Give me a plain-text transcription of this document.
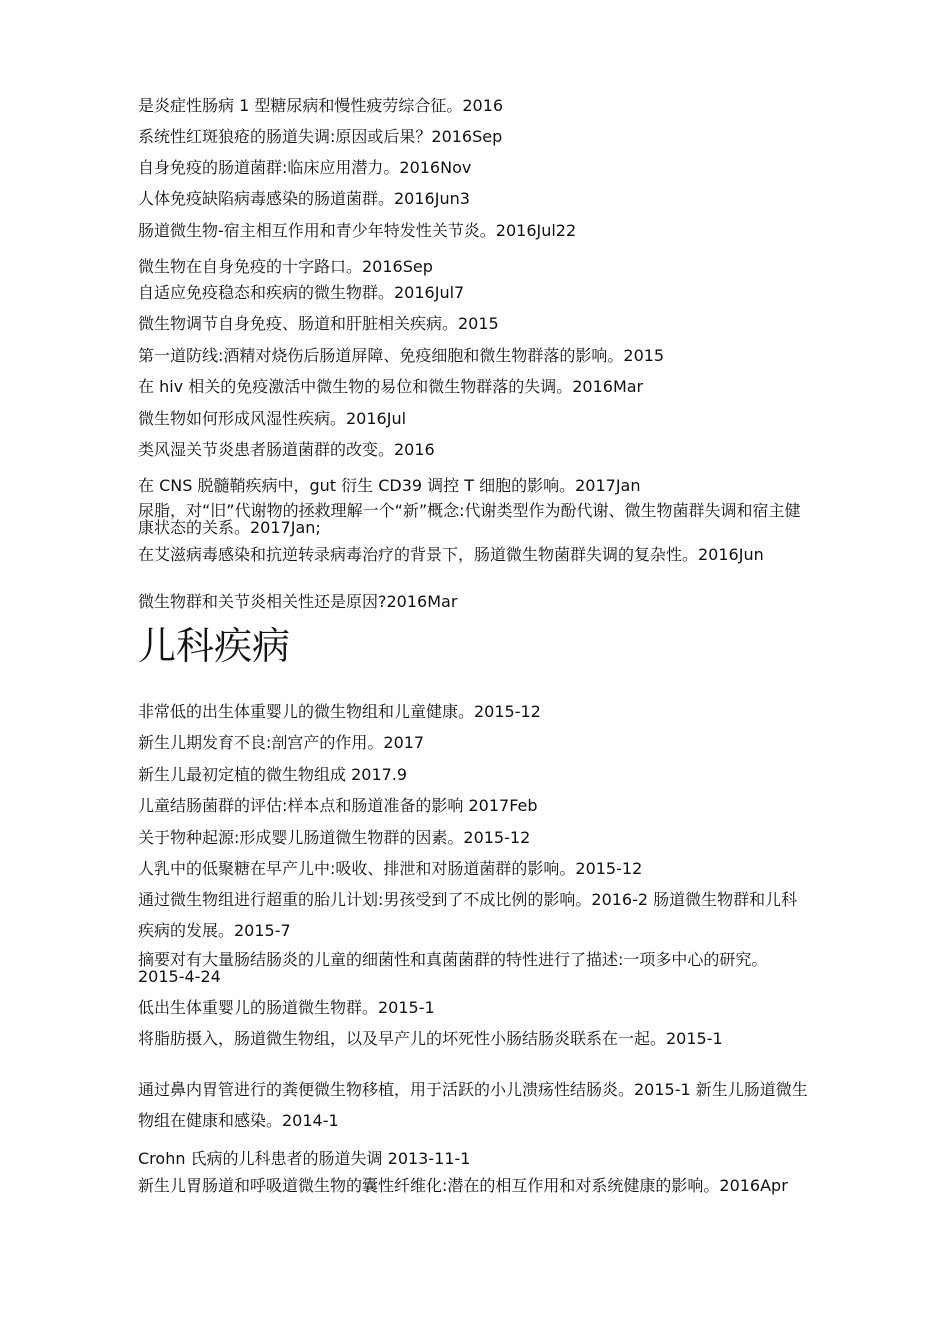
是炎症性肠病 1 型糖尿病和慢性疲劳综合征。2016
系统性红斑狼疮的肠道失调:原因或后果？2016Sep
自身免疫的肠道菌群:临床应用潜力。2016Nov
人体免疫缺陷病毒感染的肠道菌群。2016Jun3
肠道微生物-宿主相互作用和青少年特发性关节炎。2016Jul22
微生物在自身免疫的十字路口。2016Sep
自适应免疫稳态和疾病的微生物群。2016Jul7
微生物调节自身免疫、肠道和肝脏相关疾病。2015
第一道防线:酒精对烧伤后肠道屏障、免疫细胞和微生物群落的影响。2015
在 hiv 相关的免疫激活中微生物的易位和微生物群落的失调。2016Mar
微生物如何形成风湿性疾病。2016Jul
类风湿关节炎患者肠道菌群的改变。2016
在 CNS 脱髓鞘疾病中，gut 衍生 CD39 调控 T 细胞的影响。2017Jan
尿脂，对“旧”代谢物的拯救理解一个“新”概念:代谢类型作为酚代谢、微生物菌群失调和宿主健康状态的关系。2017Jan;
在艾滋病毒感染和抗逆转录病毒治疗的背景下，肠道微生物菌群失调的复杂性。2016Jun
微生物群和关节炎相关性还是原因?2016Mar
儿科疾病
非常低的出生体重婴儿的微生物组和儿童健康。2015-12
新生儿期发育不良:剖宫产的作用。2017
新生儿最初定植的微生物组成 2017.9
儿童结肠菌群的评估:样本点和肠道准备的影响 2017Feb
关于物种起源:形成婴儿肠道微生物群的因素。2015-12
人乳中的低聚糖在早产儿中:吸收、排泄和对肠道菌群的影响。2015-12
通过微生物组进行超重的胎儿计划:男孩受到了不成比例的影响。2016-2 肠道微生物群和儿科疾病的发展。2015-7
摘要对有大量肠结肠炎的儿童的细菌性和真菌菌群的特性进行了描述:一项多中心的研究。2015-4-24
低出生体重婴儿的肠道微生物群。2015-1
将脂肪摄入，肠道微生物组，以及早产儿的坏死性小肠结肠炎联系在一起。2015-1
通过鼻内胃管进行的粪便微生物移植，用于活跃的小儿溃疡性结肠炎。2015-1 新生儿肠道微生物组在健康和感染。2014-1
Crohn 氏病的儿科患者的肠道失调 2013-11-1
新生儿胃肠道和呼吸道微生物的囊性纤维化:潜在的相互作用和对系统健康的影响。2016Apr
